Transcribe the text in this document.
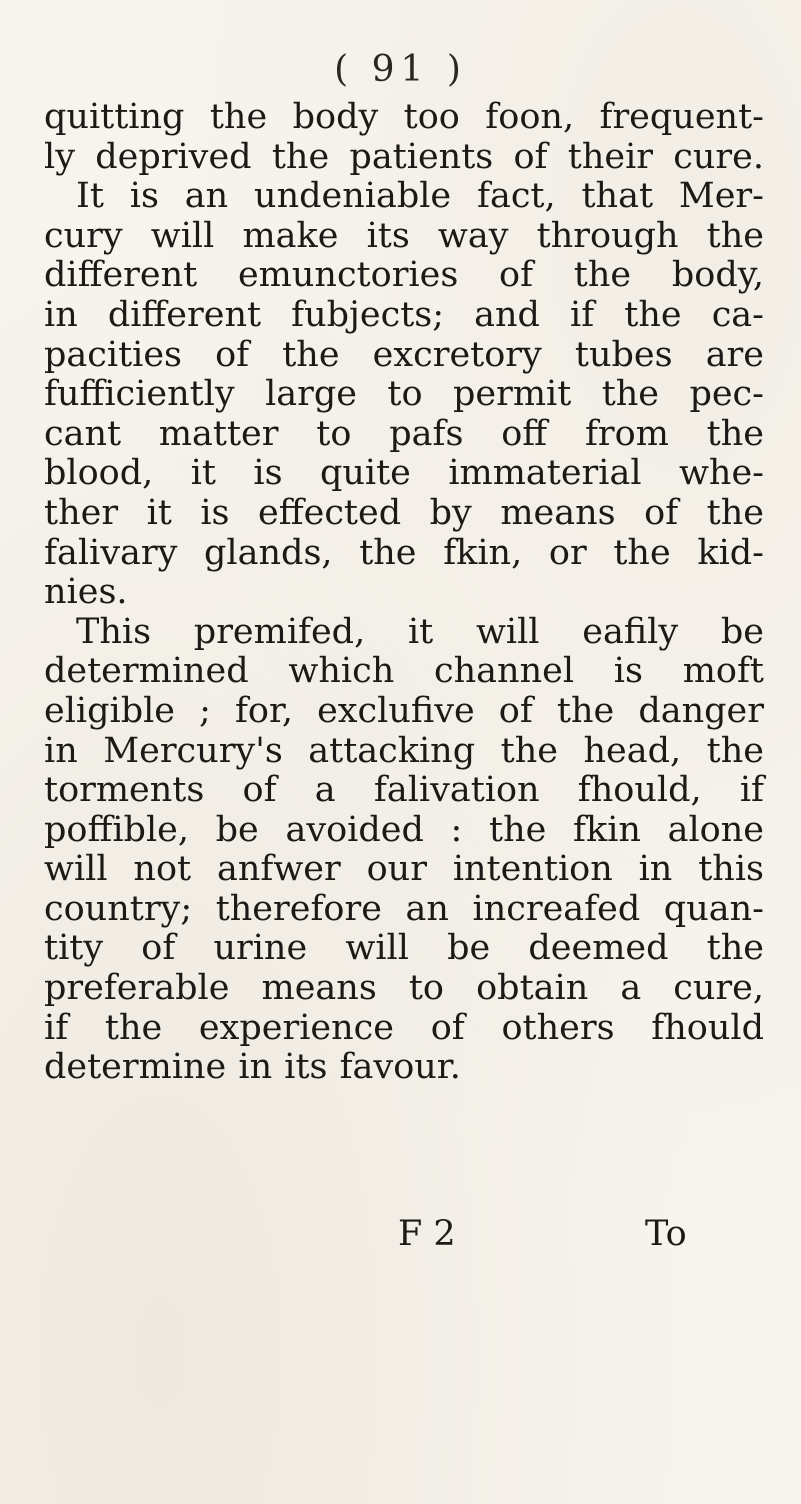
( 91 )
quitting the body too foon, frequent-
ly deprived the patients of their cure.
It is an undeniable fact, that Mer-
cury will make its way through the
different emunctories of the body,
in different fubjects; and if the ca-
pacities of the excretory tubes are
fufficiently large to permit the pec-
cant matter to pafs off from the
blood, it is quite immaterial whe-
ther it is effected by means of the
falivary glands, the fkin, or the kid-
nies.
This premifed, it will eafily be
determined which channel is moft
eligible ; for, exclufive of the danger
in Mercury's attacking the head, the
torments of a falivation fhould, if
poffible, be avoided : the fkin alone
will not anfwer our intention in this
country; therefore an increafed quan-
tity of urine will be deemed the
preferable means to obtain a cure,
if the experience of others fhould
determine in its favour.
F 2	To
